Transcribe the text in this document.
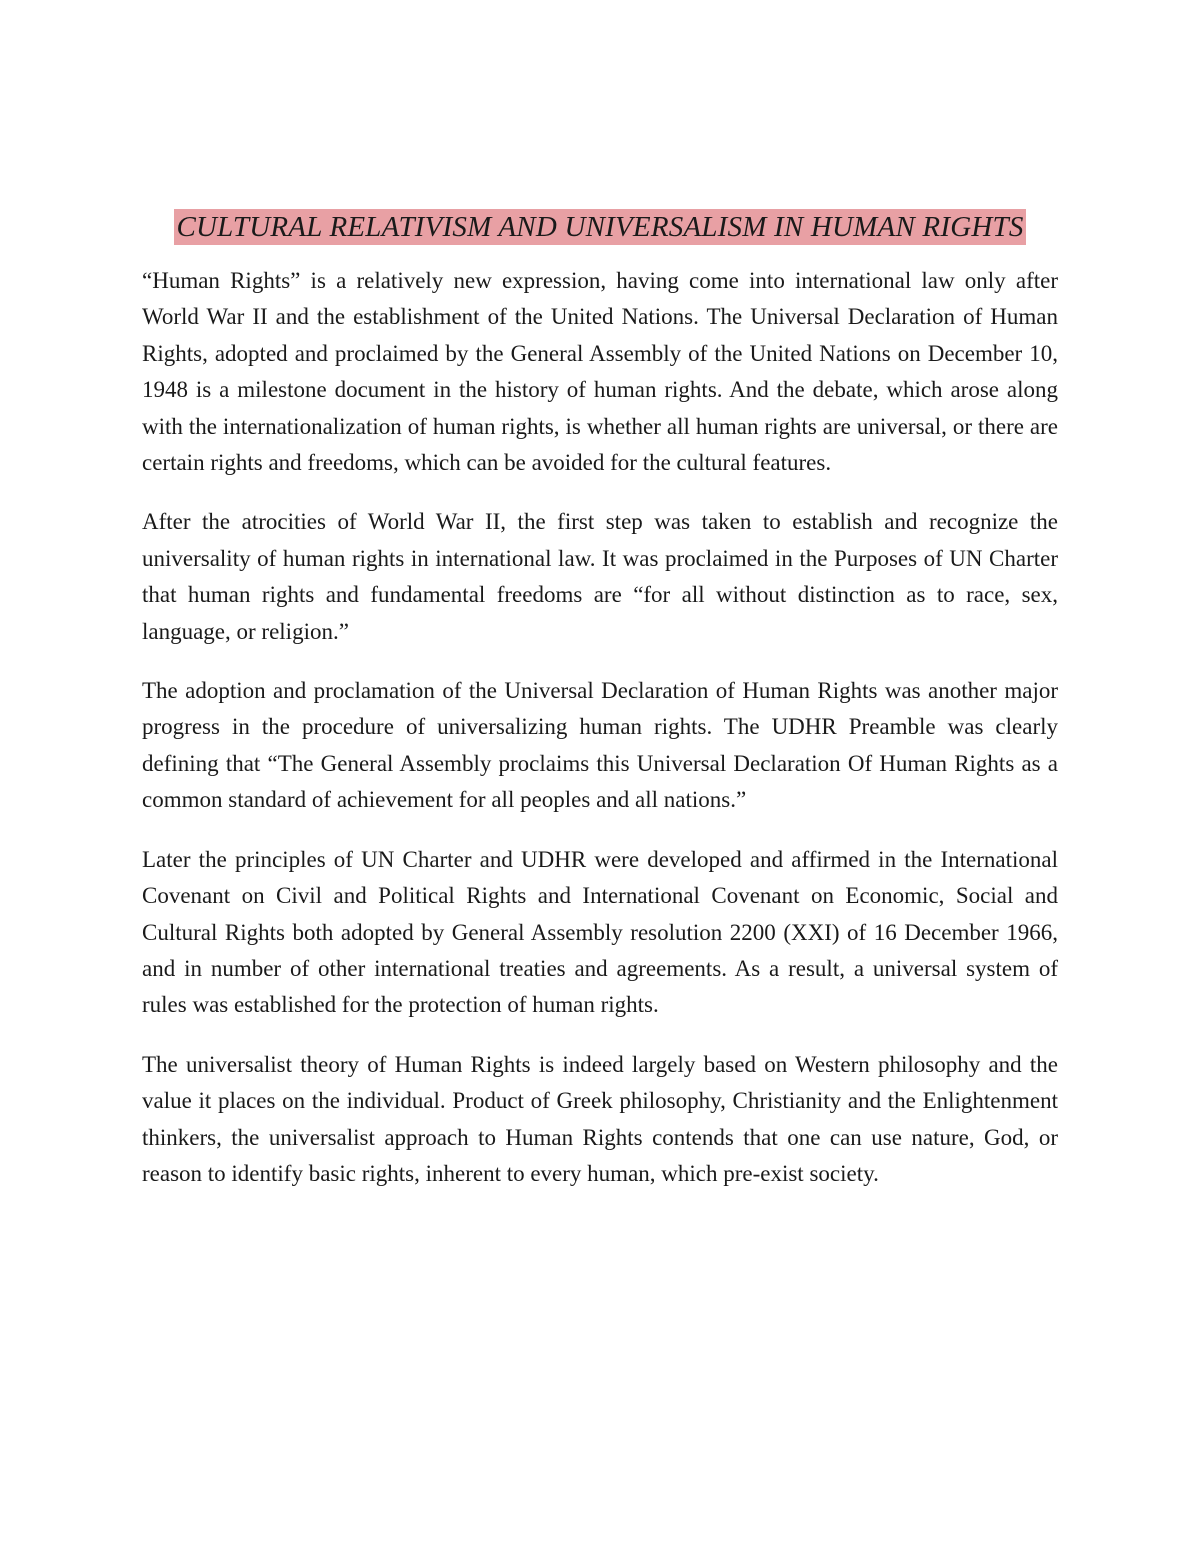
CULTURAL RELATIVISM AND UNIVERSALISM IN HUMAN RIGHTS

“Human Rights” is a relatively new expression, having come into international law only after World War II and the establishment of the United Nations. The Universal Declaration of Human Rights, adopted and proclaimed by the General Assembly of the United Nations on December 10, 1948 is a milestone document in the history of human rights. And the debate, which arose along with the internationalization of human rights, is whether all human rights are universal, or there are certain rights and freedoms, which can be avoided for the cultural features.

After the atrocities of World War II, the first step was taken to establish and recognize the universality of human rights in international law. It was proclaimed in the Purposes of UN Charter that human rights and fundamental freedoms are “for all without distinction as to race, sex, language, or religion.”

The adoption and proclamation of the Universal Declaration of Human Rights was another major progress in the procedure of universalizing human rights. The UDHR Preamble was clearly defining that “The General Assembly proclaims this Universal Declaration Of Human Rights as a common standard of achievement for all peoples and all nations.”

Later the principles of UN Charter and UDHR were developed and affirmed in the International Covenant on Civil and Political Rights and International Covenant on Economic, Social and Cultural Rights both adopted by General Assembly resolution 2200 (XXI) of 16 December 1966, and in number of other international treaties and agreements. As a result, a universal system of rules was established for the protection of human rights.

The universalist theory of Human Rights is indeed largely based on Western philosophy and the value it places on the individual. Product of Greek philosophy, Christianity and the Enlightenment thinkers, the universalist approach to Human Rights contends that one can use nature, God, or reason to identify basic rights, inherent to every human, which pre-exist society.
